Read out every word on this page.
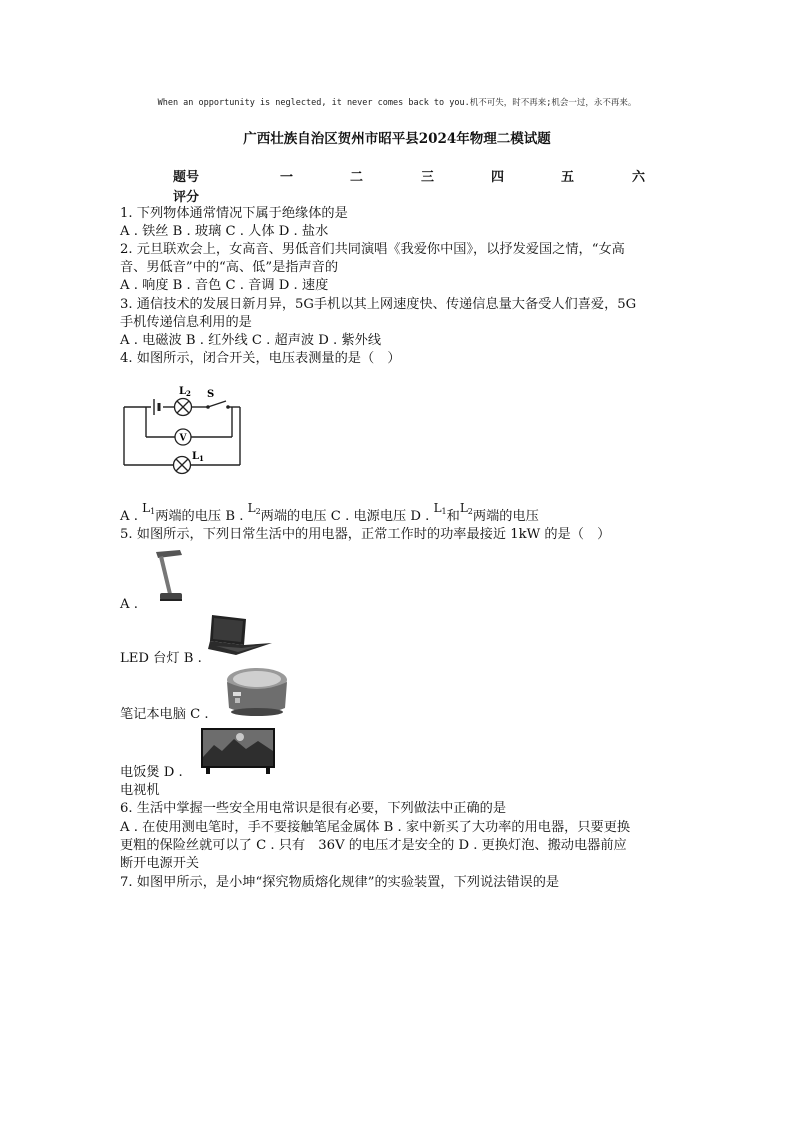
When an opportunity is neglected, it never comes back to you.机不可失，时不再来;机会一过，永不再来。
广西壮族自治区贺州市昭平县2024年物理二模试题
题号	一	二	三	四	五	六
评分
1. 下列物体通常情况下属于绝缘体的是
A . 铁丝 B . 玻璃 C . 人体 D . 盐水
2. 元旦联欢会上，女高音、男低音们共同演唱《我爱你中国》，以抒发爱国之情，“女高
音、男低音”中的“高、低”是指声音的
A . 响度 B . 音色 C . 音调 D . 速度
3. 通信技术的发展日新月异，5G手机以其上网速度快、传递信息量大备受人们喜爱，5G
手机传递信息利用的是
A . 电磁波 B . 红外线 C . 超声波 D . 紫外线
4. 如图所示，闭合开关，电压表测量的是（　）
$L_2$ S
V
$L_1$
A . $L_1$两端的电压 B . $L_2$两端的电压 C . 电源电压 D . $L_1$和$L_2$两端的电压
5. 如图所示，下列日常生活中的用电器，正常工作时的功率最接近 1kW 的是（　）
A .
LED 台灯 B .
笔记本电脑 C .
电饭煲 D .
电视机
6. 生活中掌握一些安全用电常识是很有必要，下列做法中正确的是
A . 在使用测电笔时，手不要接触笔尾金属体 B . 家中新买了大功率的用电器，只要更换
更粗的保险丝就可以了 C . 只有　36V 的电压才是安全的 D . 更换灯泡、搬动电器前应
断开电源开关
7. 如图甲所示，是小坤“探究物质熔化规律”的实验装置，下列说法错误的是
